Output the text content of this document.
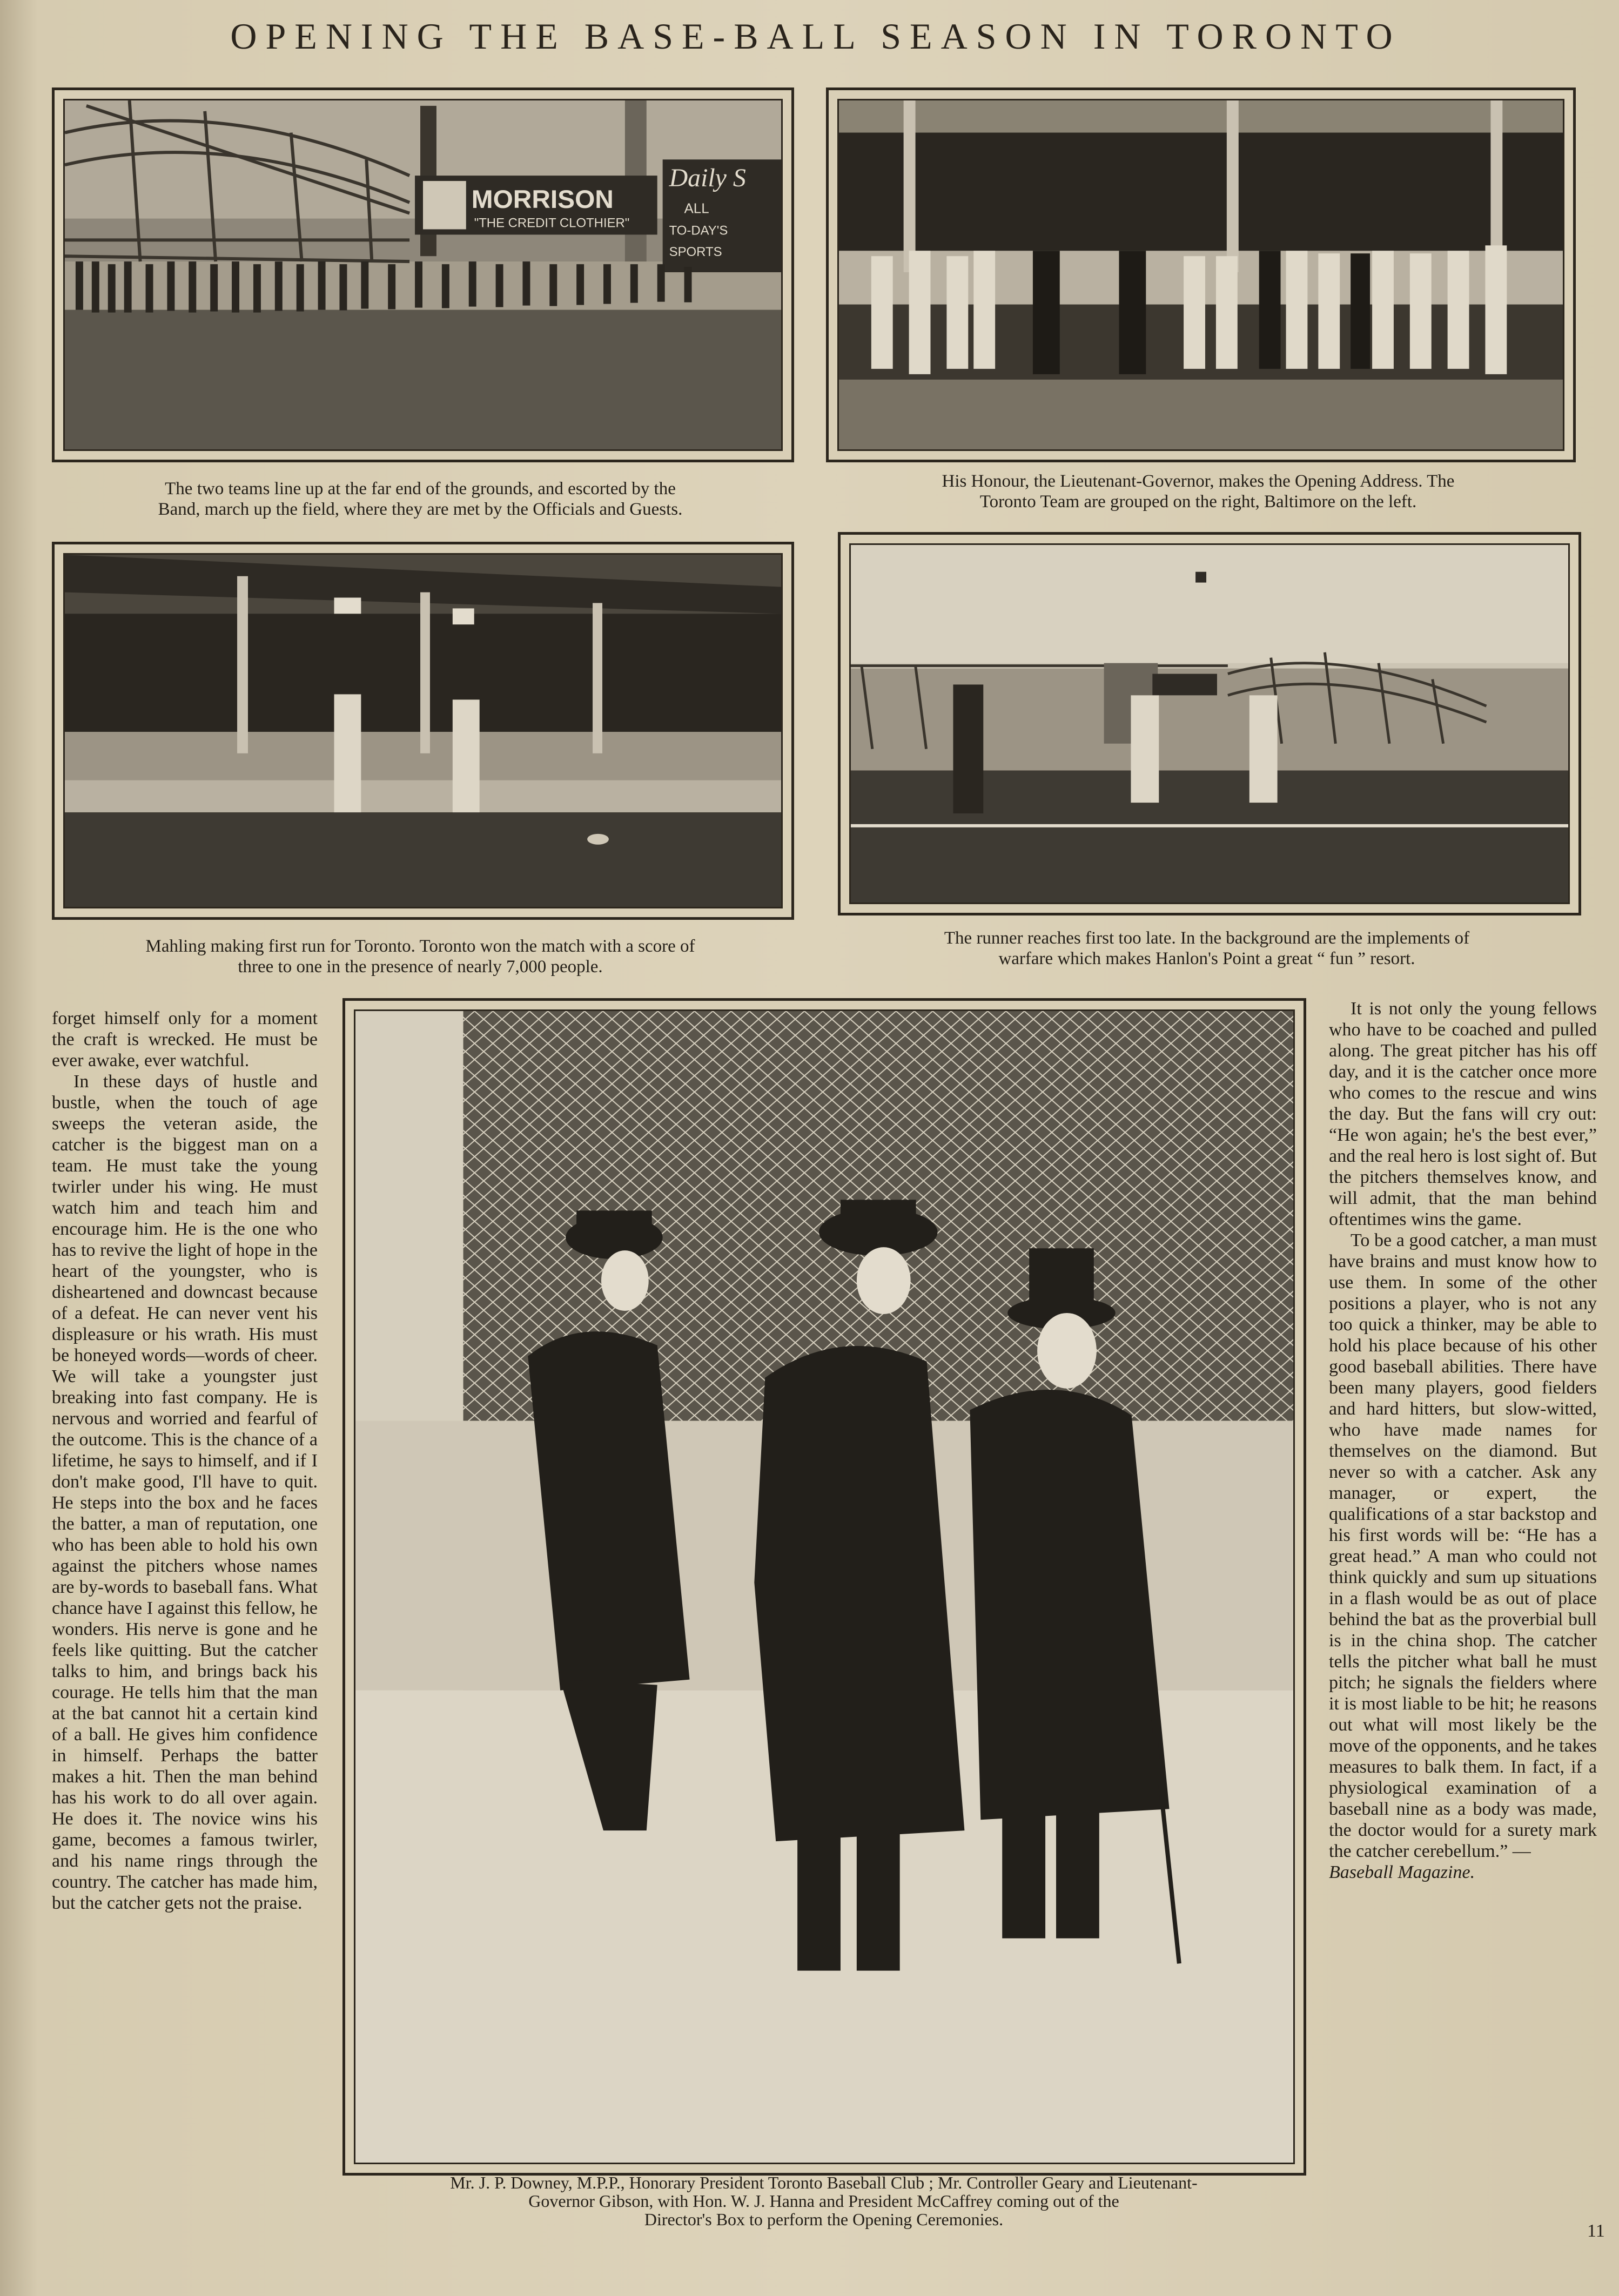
OPENING THE BASE-BALL SEASON IN TORONTO
MORRISON
"THE CREDIT CLOTHIER"
Daily S
ALL
TO-DAY'S
SPORTS
The two teams line up at the far end of the grounds, and escorted by the
Band, march up the field, where they are met by the Officials and Guests.
His Honour, the Lieutenant-Governor, makes the Opening Address. The
Toronto Team are grouped on the right, Baltimore on the left.
Mahling making first run for Toronto. Toronto won the match with a score of
three to one in the presence of nearly 7,000 people.
The runner reaches first too late. In the background are the implements of
warfare which makes Hanlon's Point a great “ fun ” resort.
Mr. J. P. Downey, M.P.P., Honorary President Toronto Baseball Club ; Mr. Controller Geary and Lieutenant-
Governor Gibson, with Hon. W. J. Hanna and President McCaffrey coming out of the
Director's Box to perform the Opening Ceremonies.

forget himself only for a moment the craft is wrecked. He must be ever awake, ever watchful.

In these days of hustle and bustle, when the touch of age sweeps the veteran aside, the catcher is the biggest man on a team. He must take the young twirler under his wing. He must watch him and teach him and encourage him. He is the one who has to revive the light of hope in the heart of the youngster, who is disheartened and downcast because of a defeat. He can never vent his displeasure or his wrath. His must be honeyed words—words of cheer. We will take a youngster just breaking into fast company. He is nervous and worried and fearful of the outcome. This is the chance of a lifetime, he says to himself, and if I don't make good, I'll have to quit. He steps into the box and he faces the batter, a man of reputation, one who has been able to hold his own against the pitchers whose names are by-words to baseball fans. What chance have I against this fellow, he wonders. His nerve is gone and he feels like quitting. But the catcher talks to him, and brings back his courage. He tells him that the man at the bat cannot hit a certain kind of a ball. He gives him confidence in himself. Perhaps the batter makes a hit. Then the man behind has his work to do all over again. He does it. The novice wins his game, becomes a famous twirler, and his name rings through the country. The catcher has made him, but the catcher gets not the praise.

It is not only the young fellows who have to be coached and pulled along. The great pitcher has his off day, and it is the catcher once more who comes to the rescue and wins the day. But the fans will cry out: “He won again; he's the best ever,” and the real hero is lost sight of. But the pitchers themselves know, and will admit, that the man behind oftentimes wins the game.

To be a good catcher, a man must have brains and must know how to use them. In some of the other positions a player, who is not any too quick a thinker, may be able to hold his place because of his other good baseball abilities. There have been many players, good fielders and hard hitters, but slow-witted, who have made names for themselves on the diamond. But never so with a catcher. Ask any manager, or expert, the qualifications of a star backstop and his first words will be: “He has a great head.” A man who could not think quickly and sum up situations in a flash would be as out of place behind the bat as the proverbial bull is in the china shop. The catcher tells the pitcher what ball he must pitch; he signals the fielders where it is most liable to be hit; he reasons out what will most likely be the move of the opponents, and he takes measures to balk them. In fact, if a physiological examination of a baseball nine as a body was made, the doctor would for a surety mark the catcher cerebellum.” —

Baseball Magazine.
11
